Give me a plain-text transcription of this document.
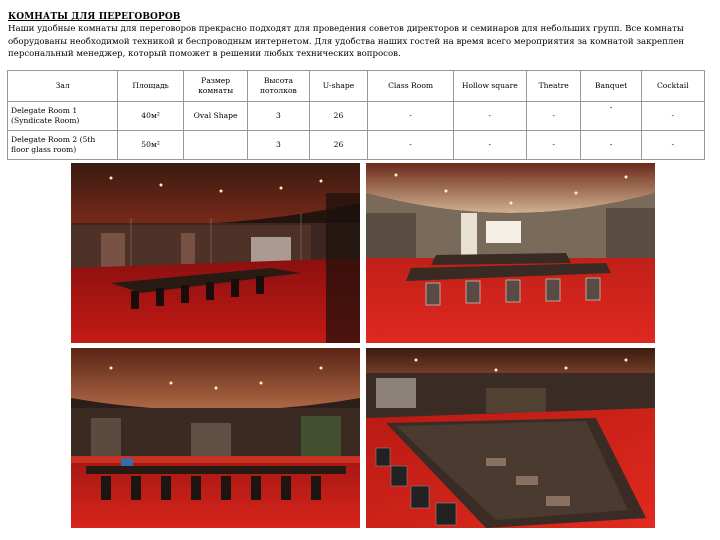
КОМНАТЫ ДЛЯ ПЕРЕГОВОРОВ
Наши удобные комнаты для переговоров прекрасно подходят для проведения советов директоров и семинаров для небольших групп. Все комнаты оборудованы необходимой техникой и беспроводным интернетом. Для удобства наших гостей на время всего мероприятия за комнатой закреплен персональный менеджер, который поможет в решении любых технических вопросов.
Зал	Площадь	Размер комнаты	Высота потолков	U-shape	Class Room	Hollow square	Theatre	Banquet	Cocktail
Delegate Room 1 (Syndicate Room)	40м²	Oval Shape	3	26	-	-	-	-	-
Delegate Room 2 (5th floor glass room)	50м²		3	26	-	-	-	-	-
